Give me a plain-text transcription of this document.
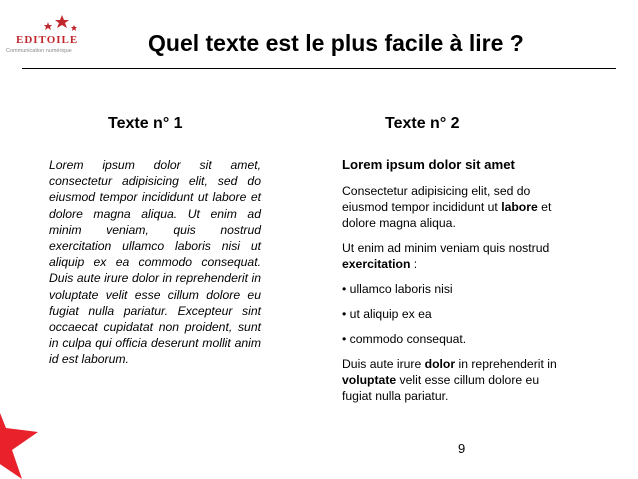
EDITOILE
Communication numérique	Quel texte est le plus facile à lire ?
Texte n° 1	Texte n° 2
Lorem ipsum dolor sit amet, consectetur adipisicing elit, sed do eiusmod tempor incididunt ut labore et dolore magna aliqua. Ut enim ad minim veniam, quis nostrud exercitation ullamco laboris nisi ut aliquip ex ea commodo consequat. Duis aute irure dolor in reprehenderit in voluptate velit esse cillum dolore eu fugiat nulla pariatur. Excepteur sint occaecat cupidatat non proident, sunt in culpa qui officia deserunt mollit anim id est laborum.
Lorem ipsum dolor sit amet

Consectetur adipisicing elit, sed do eiusmod tempor incididunt ut labore et dolore magna aliqua.

Ut enim ad minim veniam quis nostrud exercitation :

• ullamco laboris nisi

• ut aliquip ex ea

• commodo consequat.

Duis aute irure dolor in reprehenderit in voluptate velit esse cillum dolore eu fugiat nulla pariatur.

9
